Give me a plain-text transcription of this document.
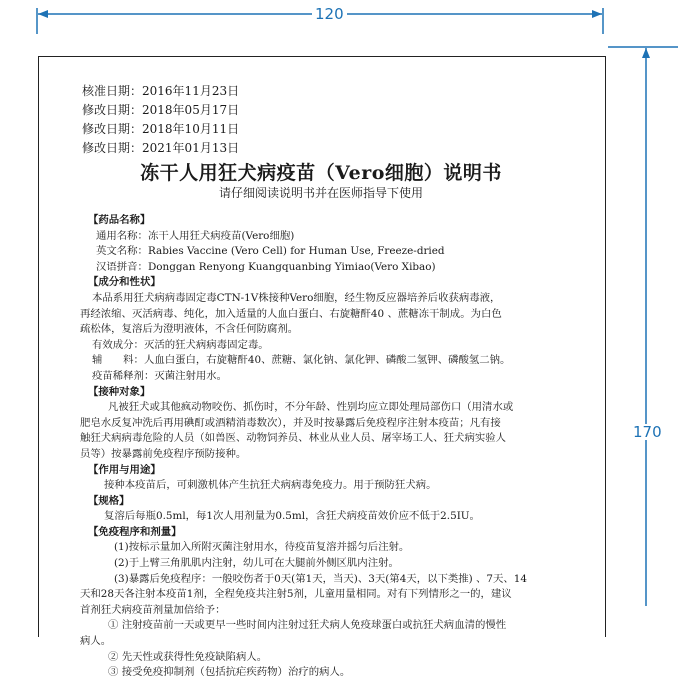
120
170
核准日期：2016年11月23日
修改日期：2018年05月17日
修改日期：2018年10月11日
修改日期：2021年01月13日
冻干人用狂犬病疫苗（Vero细胞）说明书
请仔细阅读说明书并在医师指导下使用
【药品名称】
通用名称：冻干人用狂犬病疫苗(Vero细胞)
英文名称：Rabies Vaccine (Vero Cell) for Human Use, Freeze-dried
汉语拼音：Donggan Renyong Kuangquanbing Yimiao(Vero Xibao)
【成分和性状】
本品系用狂犬病病毒固定毒CTN-1V株接种Vero细胞，经生物反应器培养后收获病毒液，
再经浓缩、灭活病毒、纯化，加入适量的人血白蛋白、右旋糖酐40 、蔗糖冻干制成。为白色
疏松体，复溶后为澄明液体，不含任何防腐剂。
有效成分：灭活的狂犬病病毒固定毒。
辅　　料：人血白蛋白，右旋糖酐40、蔗糖、氯化钠、氯化钾、磷酸二氢钾、磷酸氢二钠。
疫苗稀释剂：灭菌注射用水。
【接种对象】
凡被狂犬或其他疯动物咬伤、抓伤时，不分年龄、性别均应立即处理局部伤口（用清水或
肥皂水反复冲洗后再用碘酊或酒精消毒数次），并及时按暴露后免疫程序注射本疫苗；凡有接
触狂犬病病毒危险的人员（如兽医、动物饲养员、林业从业人员、屠宰场工人、狂犬病实验人
员等）按暴露前免疫程序预防接种。
【作用与用途】
接种本疫苗后，可刺激机体产生抗狂犬病病毒免疫力。用于预防狂犬病。
【规格】
复溶后每瓶0.5ml，每1次人用剂量为0.5ml，含狂犬病疫苗效价应不低于2.5IU。
【免疫程序和剂量】
(1)按标示量加入所附灭菌注射用水，待疫苗复溶并摇匀后注射。
(2)于上臂三角肌肌内注射，幼儿可在大腿前外侧区肌内注射。
(3)暴露后免疫程序：一般咬伤者于0天(第1天，当天)、3天(第4天，以下类推) 、7天、14
天和28天各注射本疫苗1剂，全程免疫共注射5剂，儿童用量相同。对有下列情形之一的，建议
首剂狂犬病疫苗剂量加倍给予：
① 注射疫苗前一天或更早一些时间内注射过狂犬病人免疫球蛋白或抗狂犬病血清的慢性
病人。
② 先天性或获得性免疫缺陷病人。
③ 接受免疫抑制剂（包括抗疟疾药物）治疗的病人。
